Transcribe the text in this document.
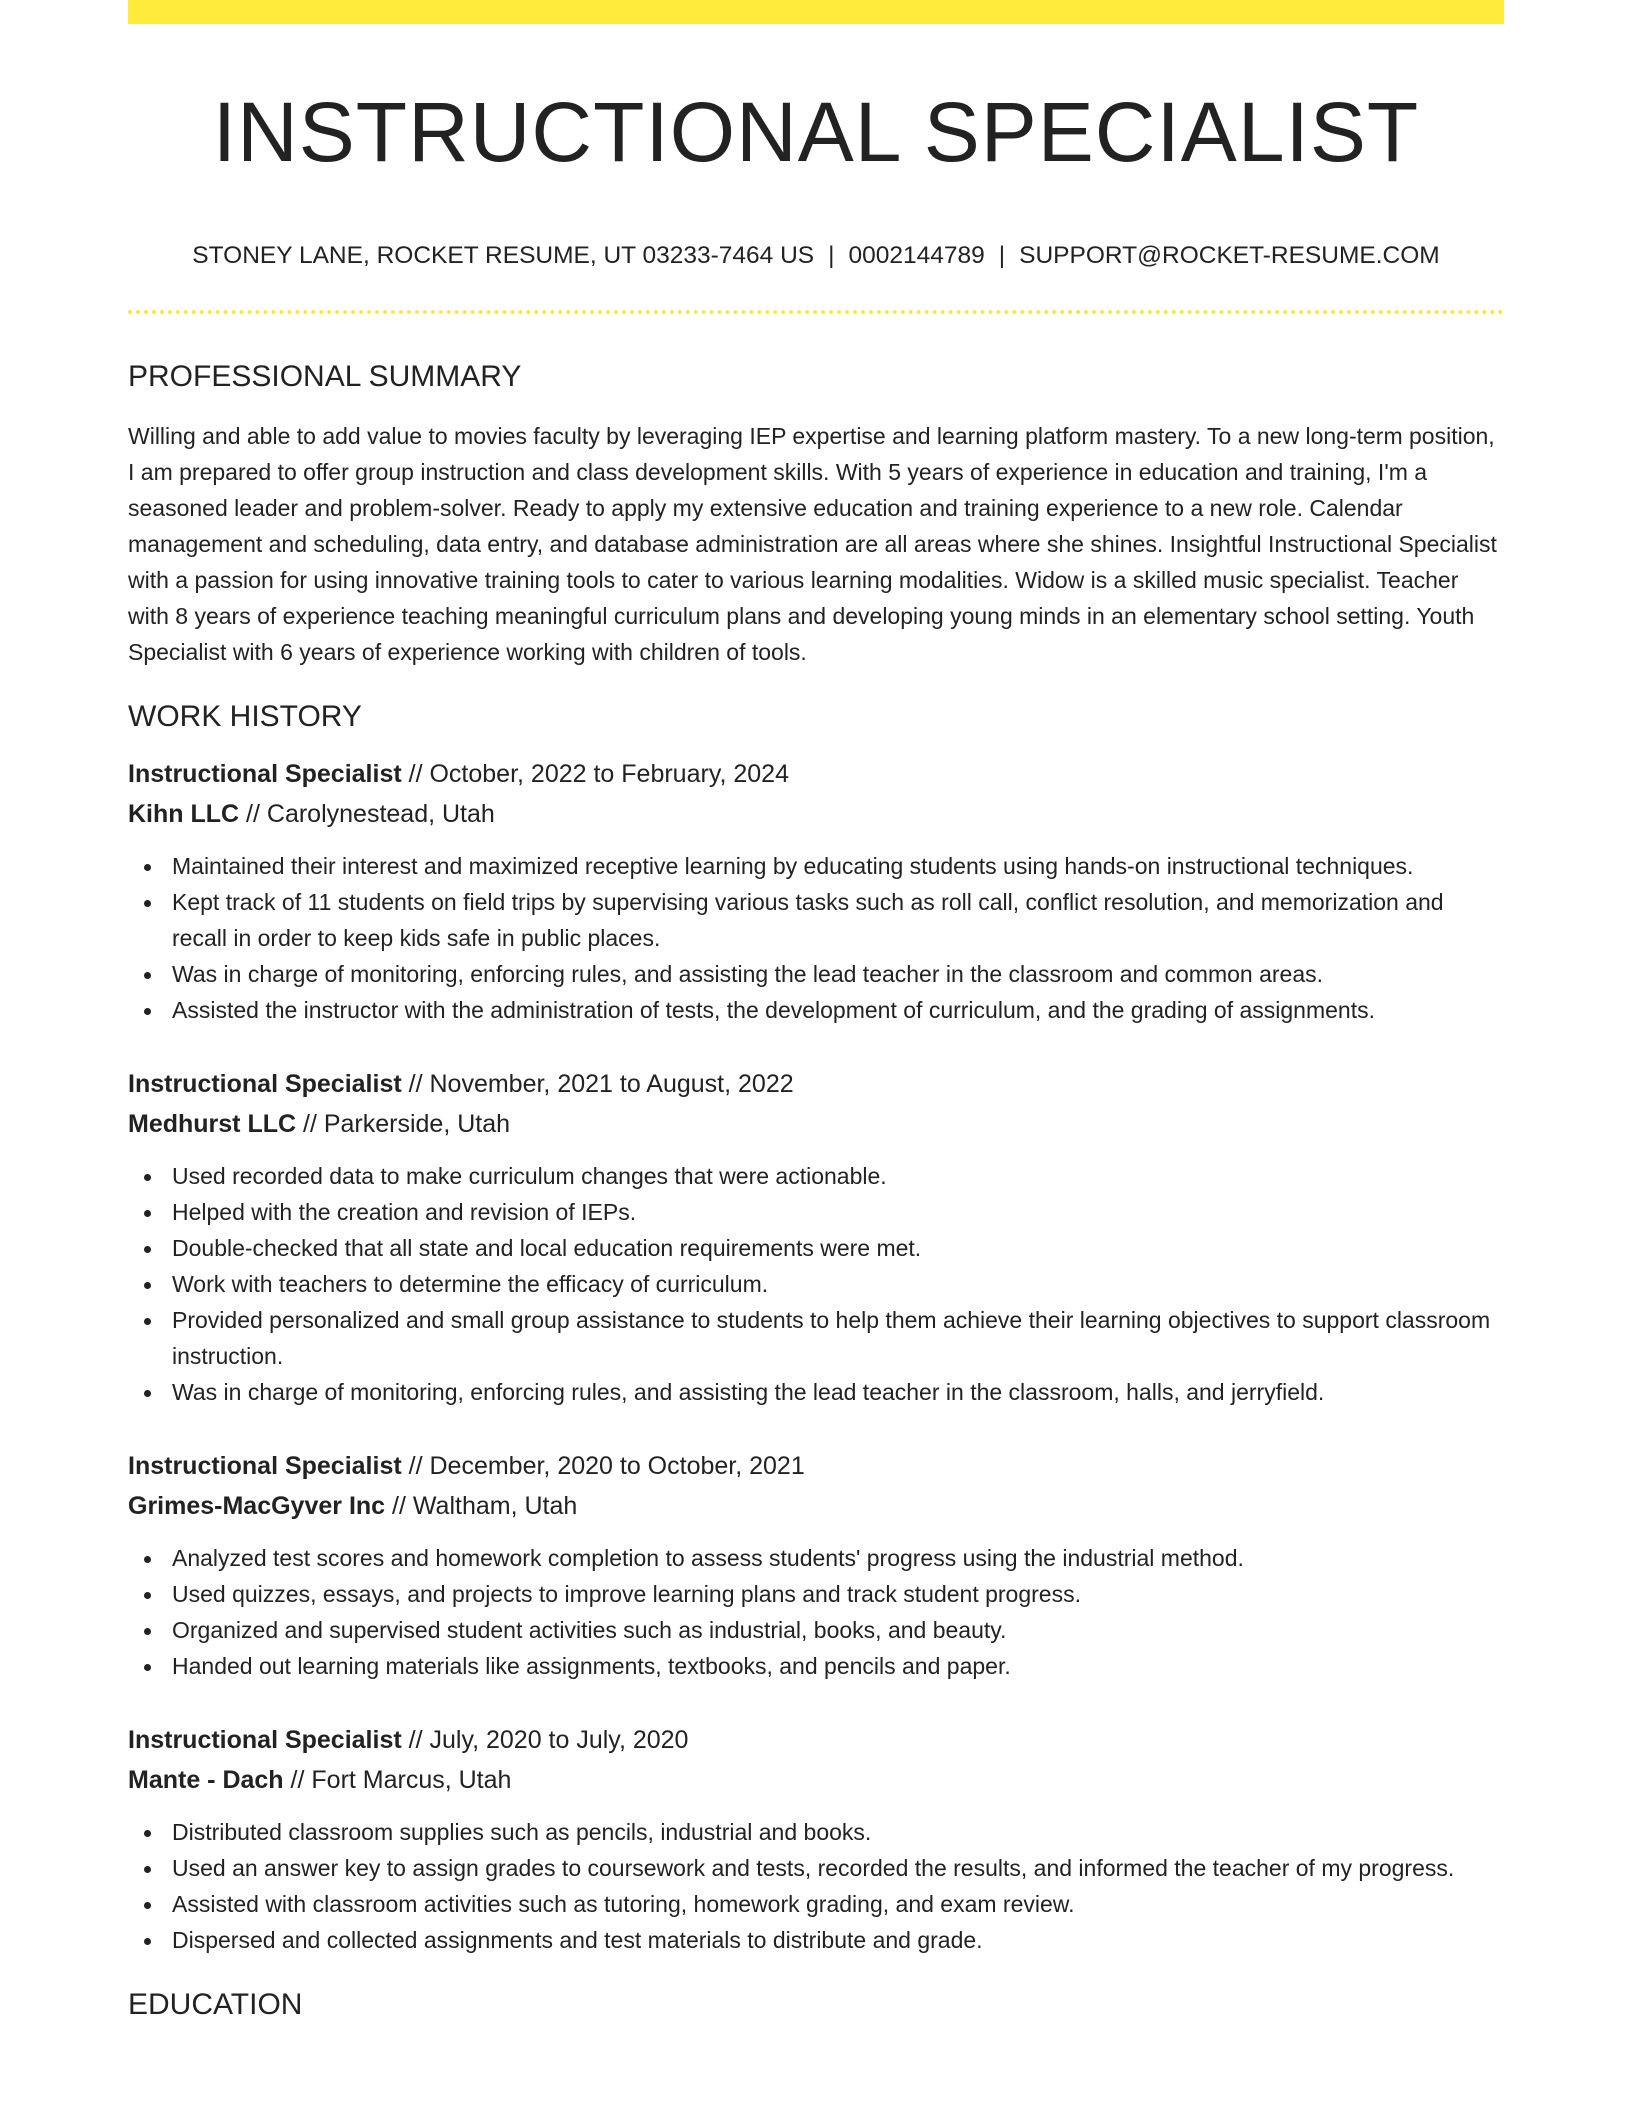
INSTRUCTIONAL SPECIALIST
STONEY LANE, ROCKET RESUME, UT 03233-7464 US | 0002144789 | SUPPORT@ROCKET-RESUME.COM
PROFESSIONAL SUMMARY

Willing and able to add value to movies faculty by leveraging IEP expertise and learning platform mastery. To a new long-term position, I am prepared to offer group instruction and class development skills. With 5 years of experience in education and training, I'm a seasoned leader and problem-solver. Ready to apply my extensive education and training experience to a new role. Calendar management and scheduling, data entry, and database administration are all areas where she shines. Insightful Instructional Specialist with a passion for using innovative training tools to cater to various learning modalities. Widow is a skilled music specialist. Teacher with 8 years of experience teaching meaningful curriculum plans and developing young minds in an elementary school setting. Youth Specialist with 6 years of experience working with children of tools.

WORK HISTORY
Instructional Specialist // October, 2022 to February, 2024
Kihn LLC // Carolynestead, Utah
Maintained their interest and maximized receptive learning by educating students using hands-on instructional techniques.
Kept track of 11 students on field trips by supervising various tasks such as roll call, conflict resolution, and memorization and recall in order to keep kids safe in public places.
Was in charge of monitoring, enforcing rules, and assisting the lead teacher in the classroom and common areas.
Assisted the instructor with the administration of tests, the development of curriculum, and the grading of assignments.
Instructional Specialist // November, 2021 to August, 2022
Medhurst LLC // Parkerside, Utah
Used recorded data to make curriculum changes that were actionable.
Helped with the creation and revision of IEPs.
Double-checked that all state and local education requirements were met.
Work with teachers to determine the efficacy of curriculum.
Provided personalized and small group assistance to students to help them achieve their learning objectives to support classroom instruction.
Was in charge of monitoring, enforcing rules, and assisting the lead teacher in the classroom, halls, and jerryfield.
Instructional Specialist // December, 2020 to October, 2021
Grimes-MacGyver Inc // Waltham, Utah
Analyzed test scores and homework completion to assess students' progress using the industrial method.
Used quizzes, essays, and projects to improve learning plans and track student progress.
Organized and supervised student activities such as industrial, books, and beauty.
Handed out learning materials like assignments, textbooks, and pencils and paper.
Instructional Specialist // July, 2020 to July, 2020
Mante - Dach // Fort Marcus, Utah
Distributed classroom supplies such as pencils, industrial and books.
Used an answer key to assign grades to coursework and tests, recorded the results, and informed the teacher of my progress.
Assisted with classroom activities such as tutoring, homework grading, and exam review.
Dispersed and collected assignments and test materials to distribute and grade.
EDUCATION
